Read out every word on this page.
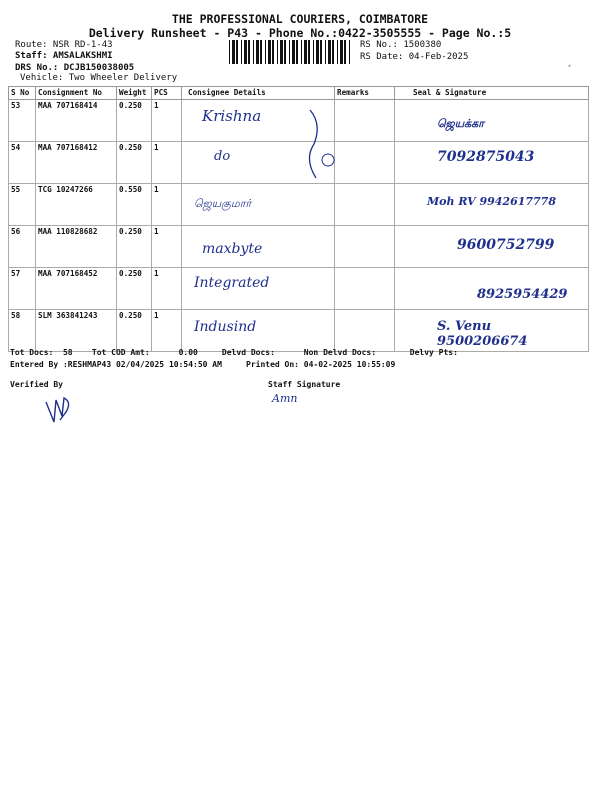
THE PROFESSIONAL COURIERS, COIMBATORE
Delivery Runsheet - P43 - Phone No.:0422-3505555 - Page No.:5
Route: NSR RD-1-43
Staff: AMSALAKSHMI
DRS No.: DCJB150038005
Vehicle: Two Wheeler Delivery
RS No.: 1500380
RS Date: 04-Feb-2025
•
S No	Consignment No	Weight	PCS	Consignee Details	Remarks	Seal & Signature
53	MAA 707168414	0.250	1	Krishna		ஜெயக்கா
54	MAA 707168412	0.250	1	do		7092875043
55	TCG 10247266	0.550	1	ஜெயகுமார்		Moh RV 9942617778
56	MAA 110828682	0.250	1	maxbyte		9600752799
57	MAA 707168452	0.250	1	Integrated		8925954429
58	SLM 363841243	0.250	1	Indusind		S. Venu 9500206674
Tot Docs:  58    Tot COD Amt:      0.00     Delvd Docs:      Non Delvd Docs:       Delvy Pts:
Entered By :RESHMAP43 02/04/2025 10:54:50 AM     Printed On: 04-02-2025 10:55:09
Verified By	Staff Signature
Amn
